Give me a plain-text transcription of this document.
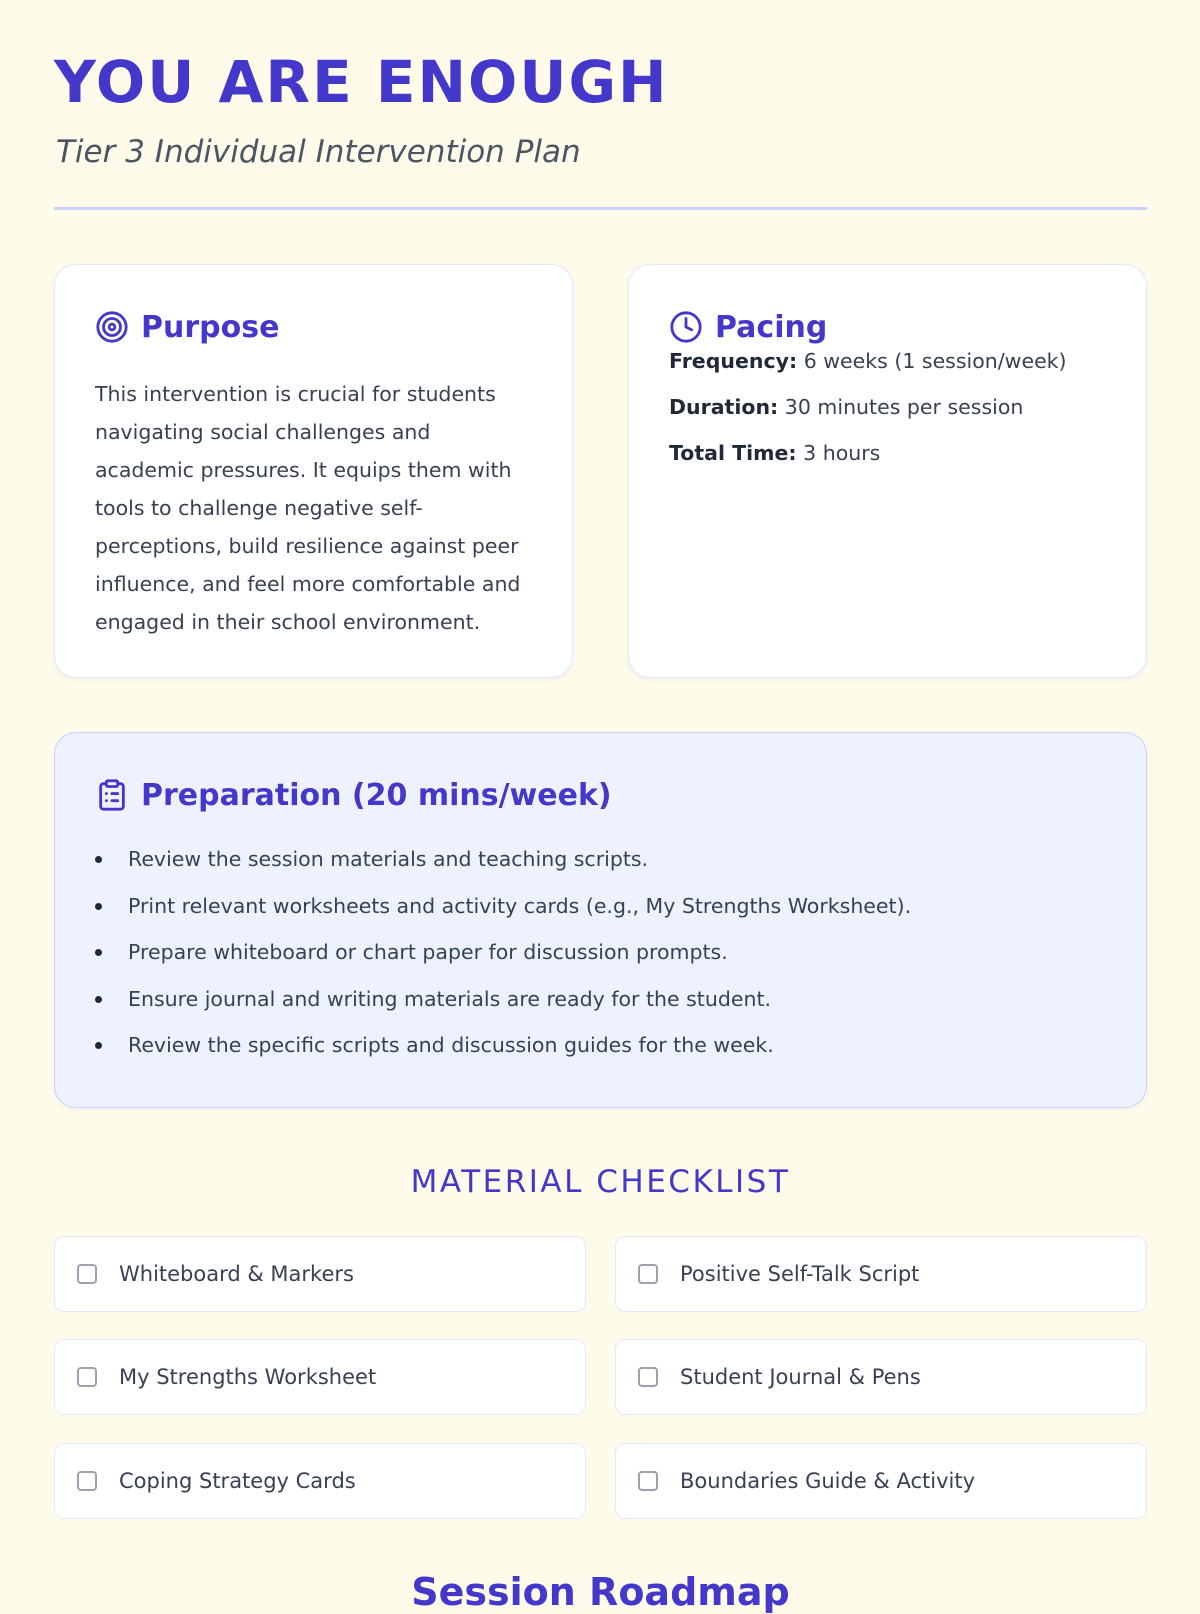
YOU ARE ENOUGH

Tier 3 Individual Intervention Plan

Purpose

This intervention is crucial for students navigating social challenges and academic pressures. It equips them with tools to challenge negative self-perceptions, build resilience against peer influence, and feel more comfortable and engaged in their school environment.

Pacing
Frequency: 6 weeks (1 session/week)
Duration: 30 minutes per session
Total Time: 3 hours
Preparation (20 mins/week)
Review the session materials and teaching scripts.
Print relevant worksheets and activity cards (e.g., My Strengths Worksheet).
Prepare whiteboard or chart paper for discussion prompts.
Ensure journal and writing materials are ready for the student.
Review the specific scripts and discussion guides for the week.
MATERIAL CHECKLIST
Whiteboard & Markers	Positive Self-Talk Script
My Strengths Worksheet	Student Journal & Pens
Coping Strategy Cards	Boundaries Guide & Activity
Session Roadmap
